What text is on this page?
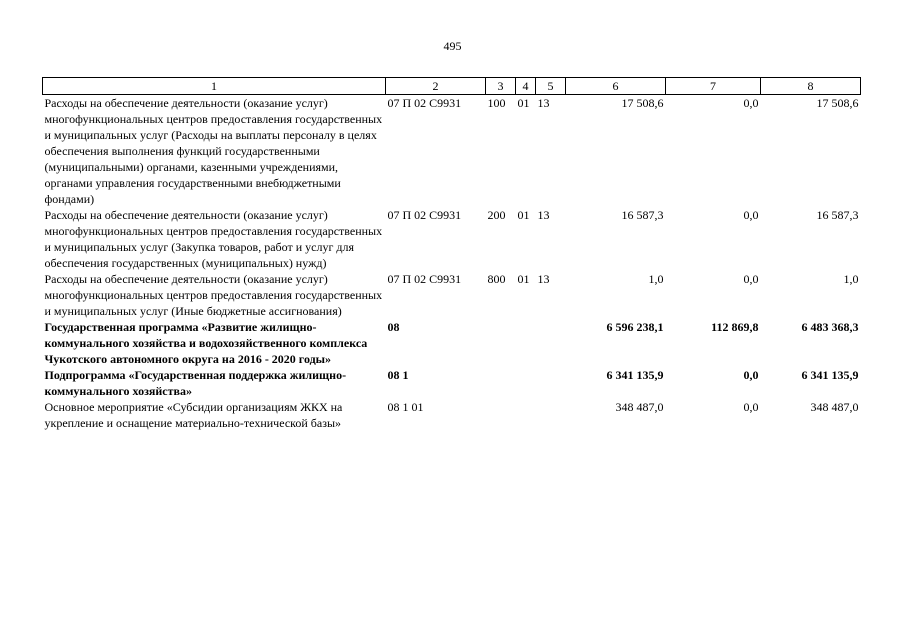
495
1	2	3	4	5	6	7	8
Расходы на обеспечение деятельности (оказание услуг) многофункциональных центров предоставления государственных и муниципальных услуг (Расходы на выплаты персоналу в целях обеспечения выполнения функций государственными (муниципальными) органами, казенными учреждениями, органами управления государственными внебюджетными фондами)	07 П 02 С9931	100	01	13	17 508,6	0,0	17 508,6
Расходы на обеспечение деятельности (оказание услуг) многофункциональных центров предоставления государственных и муниципальных услуг (Закупка товаров, работ и услуг для обеспечения государственных (муниципальных) нужд)	07 П 02 С9931	200	01	13	16 587,3	0,0	16 587,3
Расходы на обеспечение деятельности (оказание услуг) многофункциональных центров предоставления государственных и муниципальных услуг (Иные бюджетные ассигнования)	07 П 02 С9931	800	01	13	1,0	0,0	1,0
Государственная программа «Развитие жилищно-коммунального хозяйства и водохозяйственного комплекса Чукотского автономного округа на 2016 - 2020 годы»	08				6 596 238,1	112 869,8	6 483 368,3
Подпрограмма «Государственная поддержка жилищно-коммунального хозяйства»	08 1				6 341 135,9	0,0	6 341 135,9
Основное мероприятие «Субсидии организациям ЖКХ на укрепление и оснащение материально-технической базы»	08 1 01				348 487,0	0,0	348 487,0
